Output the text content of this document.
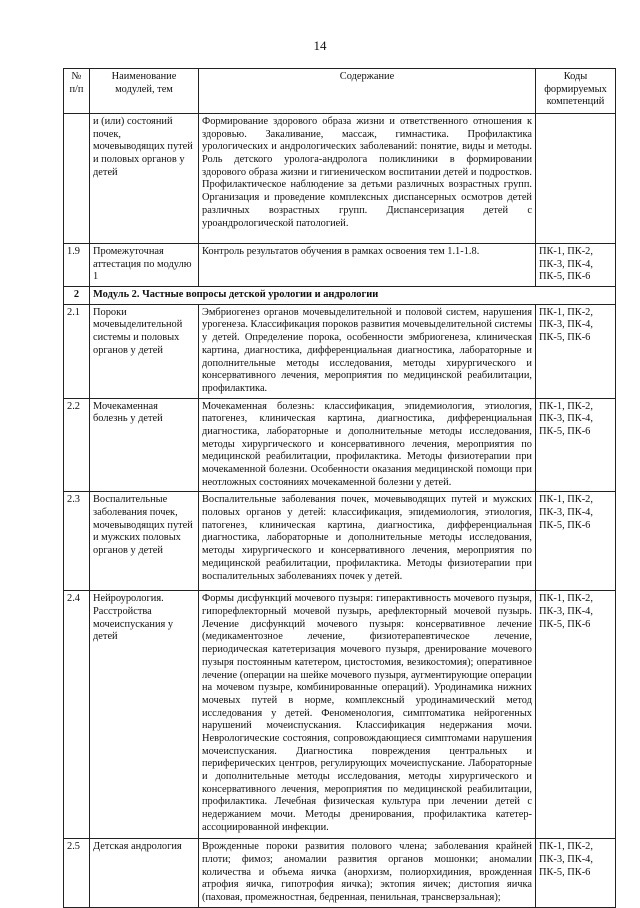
14
№ п/п	Наименование модулей, тем	Содержание	Коды формируемых компетенций
	и (или) состояний почек, мочевыводящих путей и половых органов у детей	Формирование здорового образа жизни и ответственного отношения к здоровью. Закаливание, массаж, гимнастика. Профилактика урологических и андрологических заболеваний: понятие, виды и методы. Роль детского уролога-андролога поликлиники в формировании здорового образа жизни и гигиеническом воспитании детей и подростков. Профилактическое наблюдение за детьми различных возрастных групп. Организация и проведение комплексных диспансерных осмотров детей различных возрастных групп. Диспансеризация детей с уроандрологической патологией.	
1.9	Промежуточная аттестация по модулю 1	Контроль результатов обучения в рамках освоения тем 1.1-1.8.	ПК-1, ПК-2, ПК-3, ПК-4, ПК-5, ПК-6
2	Модуль 2. Частные вопросы детской урологии и андрологии		
2.1	Пороки мочевыделительной системы и половых органов у детей	Эмбриогенез органов мочевыделительной и половой систем, нарушения урогенеза. Классификация пороков развития мочевыделительной системы у детей. Определение порока, особенности эмбриогенеза, клиническая картина, диагностика, дифференциальная диагностика, лабораторные и дополнительные методы исследования, методы хирургического и консервативного лечения, мероприятия по медицинской реабилитации, профилактика.	ПК-1, ПК-2, ПК-3, ПК-4, ПК-5, ПК-6
2.2	Мочекаменная болезнь у детей	Мочекаменная болезнь: классификация, эпидемиология, этиология, патогенез, клиническая картина, диагностика, дифференциальная диагностика, лабораторные и дополнительные методы исследования, методы хирургического и консервативного лечения, мероприятия по медицинской реабилитации, профилактика. Методы физиотерапии при мочекаменной болезни. Особенности оказания медицинской помощи при неотложных состояниях мочекаменной болезни у детей.	ПК-1, ПК-2, ПК-3, ПК-4, ПК-5, ПК-6
2.3	Воспалительные заболевания почек, мочевыводящих путей и мужских половых органов у детей	Воспалительные заболевания почек, мочевыводящих путей и мужских половых органов у детей: классификация, эпидемиология, этиология, патогенез, клиническая картина, диагностика, дифференциальная диагностика, лабораторные и дополнительные методы исследования, методы хирургического и консервативного лечения, мероприятия по медицинской реабилитации, профилактика. Методы физиотерапии при воспалительных заболеваниях почек у детей.	ПК-1, ПК-2, ПК-3, ПК-4, ПК-5, ПК-6
2.4	Нейроурология. Расстройства мочеиспускания у детей	Формы дисфункций мочевого пузыря: гиперактивность мочевого пузыря, гипорефлекторный мочевой пузырь, арефлекторный мочевой пузырь. Лечение дисфункций мочевого пузыря: консервативное лечение (медикаментозное лечение, физиотерапевтическое лечение, периодическая катетеризация мочевого пузыря, дренирование мочевого пузыря постоянным катетером, цистостомия, везикостомия); оперативное лечение (операции на шейке мочевого пузыря, аугментирующие операции на мочевом пузыре, комбинированные операций). Уродинамика нижних мочевых путей в норме, комплексный уродинамический метод исследования у детей. Феноменология, симптоматика нейрогенных нарушений мочеиспускания. Классификация недержания мочи. Неврологические состояния, сопровождающиеся симптомами нарушения мочеиспускания. Диагностика повреждения центральных и периферических центров, регулирующих мочеиспускание. Лабораторные и дополнительные методы исследования, методы хирургического и консервативного лечения, мероприятия по медицинской реабилитации, профилактика. Лечебная физическая культура при лечении детей с недержанием мочи. Методы дренирования, профилактика катетер-ассоциированной инфекции.	ПК-1, ПК-2, ПК-3, ПК-4, ПК-5, ПК-6
2.5	Детская андрология	Врожденные пороки развития полового члена; заболевания крайней плоти; фимоз; аномалии развития органов мошонки; аномалии количества и объема яичка (анорхизм, полиорхидиния, врожденная атрофия яичка, гипотрофия яичка); эктопия яичек; дистопия яичка (паховая, промежностная, бедренная, пенильная, трансверзальная);	ПК-1, ПК-2, ПК-3, ПК-4, ПК-5, ПК-6
